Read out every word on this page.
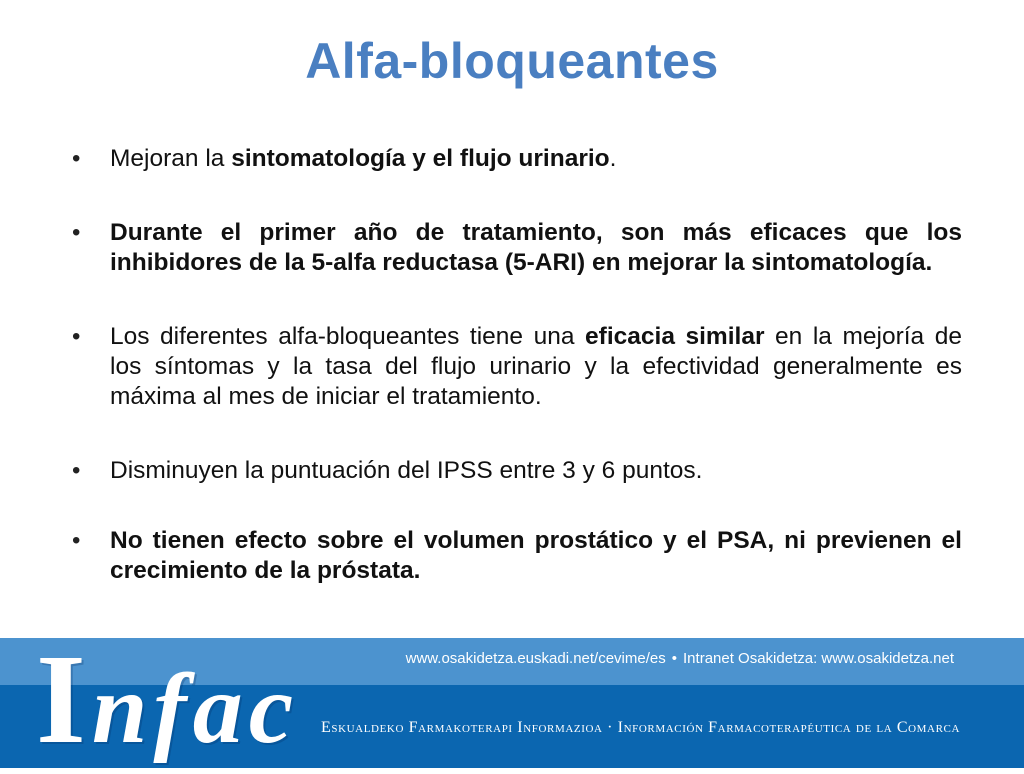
Alfa-bloqueantes
•	Mejoran la sintomatología y el flujo urinario.
•	Durante el primer año de tratamiento, son más eficaces que los inhibidores de la 5-alfa reductasa (5-ARI) en mejorar la sintomatología.
•	Los diferentes alfa-bloqueantes tiene una eficacia similar en la mejoría de los síntomas y la tasa del flujo urinario y la efectividad generalmente es máxima al mes de iniciar el tratamiento.
•	Disminuyen la puntuación del IPSS entre 3 y 6 puntos.
•	No tienen efecto sobre el volumen prostático y el PSA, ni previenen el crecimiento de la próstata.
Infac	www.osakidetza.euskadi.net/cevime/es • Intranet Osakidetza: www.osakidetza.net
Eskualdeko Farmakoterapi Informazioa · Información Farmacoterapéutica de la Comarca
